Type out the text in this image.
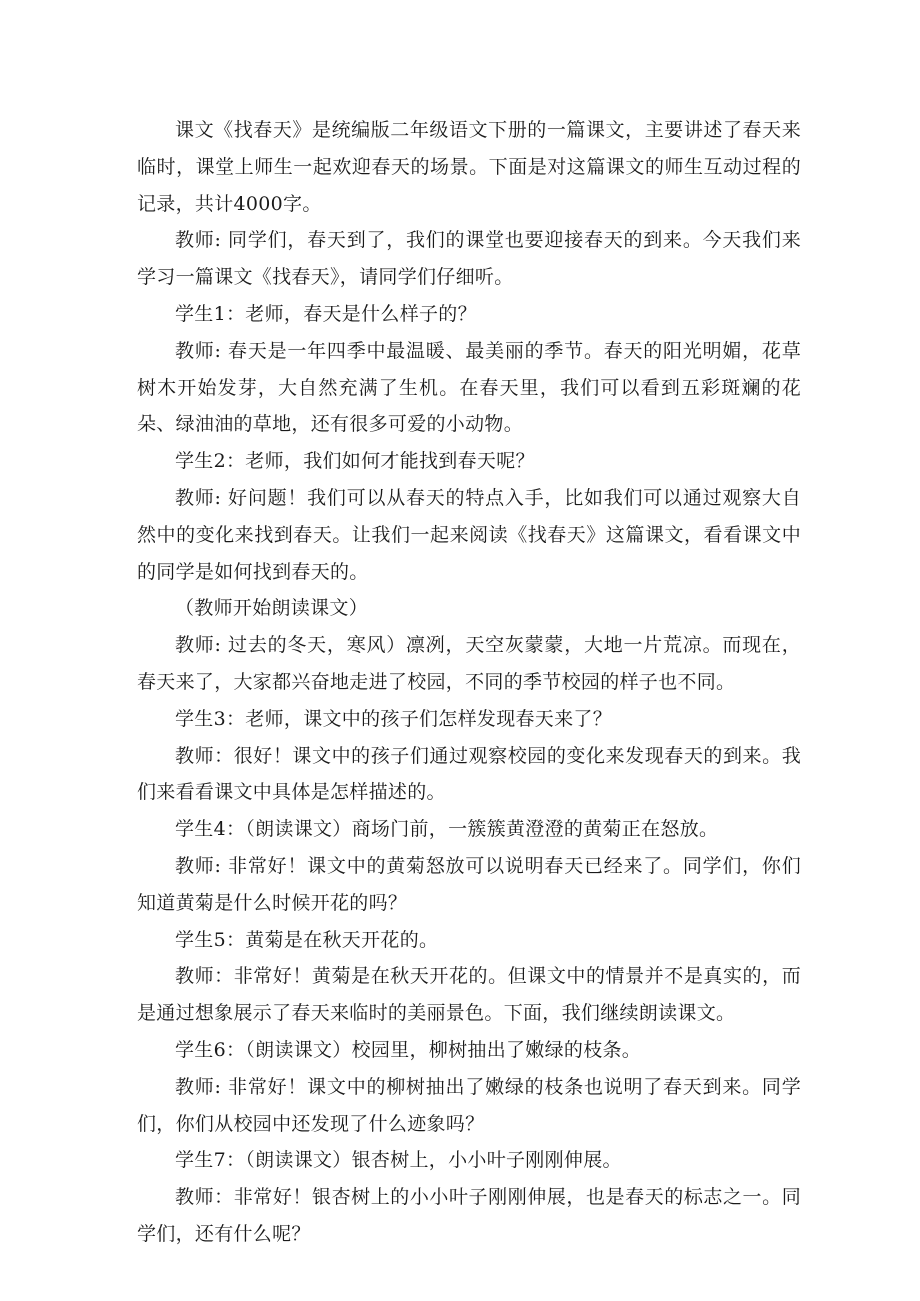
课文《找春天》是统编版二年级语文下册的一篇课文，主要讲述了春天来临时，课堂上师生一起欢迎春天的场景。下面是对这篇课文的师生互动过程的记录，共计4000字。

教师: 同学们，春天到了，我们的课堂也要迎接春天的到来。今天我们来学习一篇课文《找春天》，请同学们仔细听。

学生1：老师，春天是什么样子的？

教师: 春天是一年四季中最温暖、最美丽的季节。春天的阳光明媚，花草树木开始发芽，大自然充满了生机。在春天里，我们可以看到五彩斑斓的花朵、绿油油的草地，还有很多可爱的小动物。

学生2：老师，我们如何才能找到春天呢？

教师: 好问题！我们可以从春天的特点入手，比如我们可以通过观察大自然中的变化来找到春天。让我们一起来阅读《找春天》这篇课文，看看课文中的同学是如何找到春天的。

（教师开始朗读课文）

教师: 过去的冬天，寒风）凛冽，天空灰蒙蒙，大地一片荒凉。而现在，春天来了，大家都兴奋地走进了校园，不同的季节校园的样子也不同。

学生3：老师，课文中的孩子们怎样发现春天来了？

教师：很好！课文中的孩子们通过观察校园的变化来发现春天的到来。我们来看看课文中具体是怎样描述的。

学生4：（朗读课文）商场门前，一簇簇黄澄澄的黄菊正在怒放。

教师: 非常好！课文中的黄菊怒放可以说明春天已经来了。同学们，你们知道黄菊是什么时候开花的吗？

学生5：黄菊是在秋天开花的。

教师：非常好！黄菊是在秋天开花的。但课文中的情景并不是真实的，而是通过想象展示了春天来临时的美丽景色。下面，我们继续朗读课文。

学生6：（朗读课文）校园里，柳树抽出了嫩绿的枝条。

教师: 非常好！课文中的柳树抽出了嫩绿的枝条也说明了春天到来。同学们，你们从校园中还发现了什么迹象吗？

学生7：（朗读课文）银杏树上，小小叶子刚刚伸展。

教师：非常好！银杏树上的小小叶子刚刚伸展，也是春天的标志之一。同学们，还有什么呢？
